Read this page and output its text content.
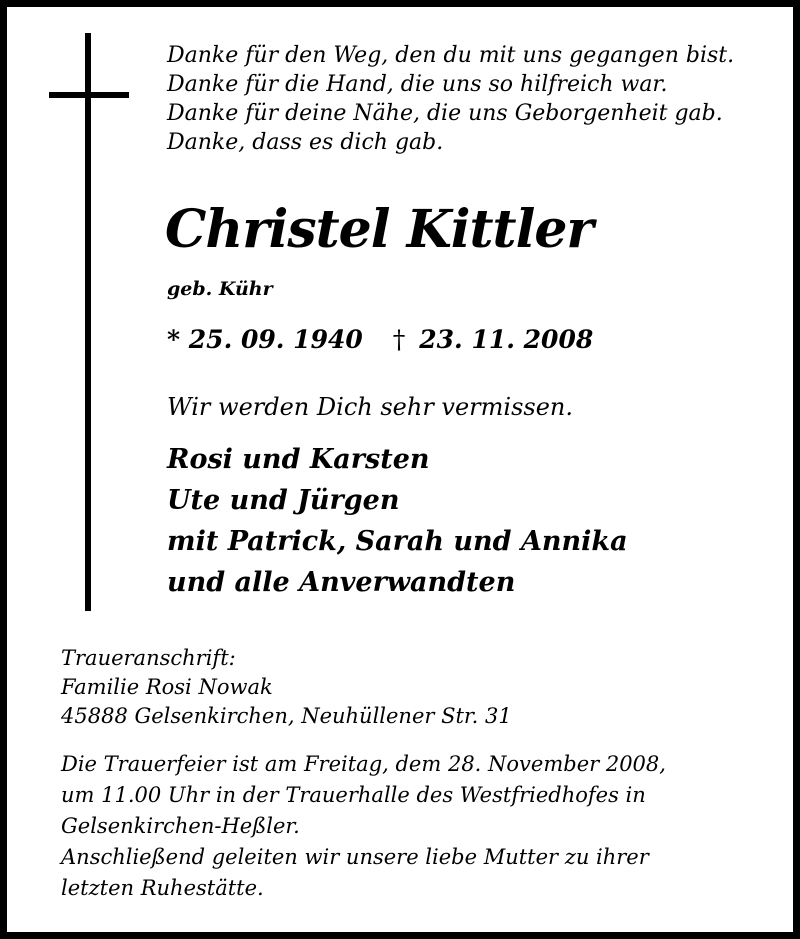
Danke für den Weg, den du mit uns gegangen bist.
Danke für die Hand, die uns so hilfreich war.
Danke für deine Nähe, die uns Geborgenheit gab.
Danke, dass es dich gab.
Christel Kittler
geb. Kühr
* 25. 09. 1940 † 23. 11. 2008
Wir werden Dich sehr vermissen.
Rosi und Karsten
Ute und Jürgen
mit Patrick, Sarah und Annika
und alle Anverwandten
Traueranschrift:
Familie Rosi Nowak
45888 Gelsenkirchen, Neuhüllener Str. 31
Die Trauerfeier ist am Freitag, dem 28. November 2008,
um 11.00 Uhr in der Trauerhalle des Westfriedhofes in
Gelsenkirchen-Heßler.
Anschließend geleiten wir unsere liebe Mutter zu ihrer
letzten Ruhestätte.
